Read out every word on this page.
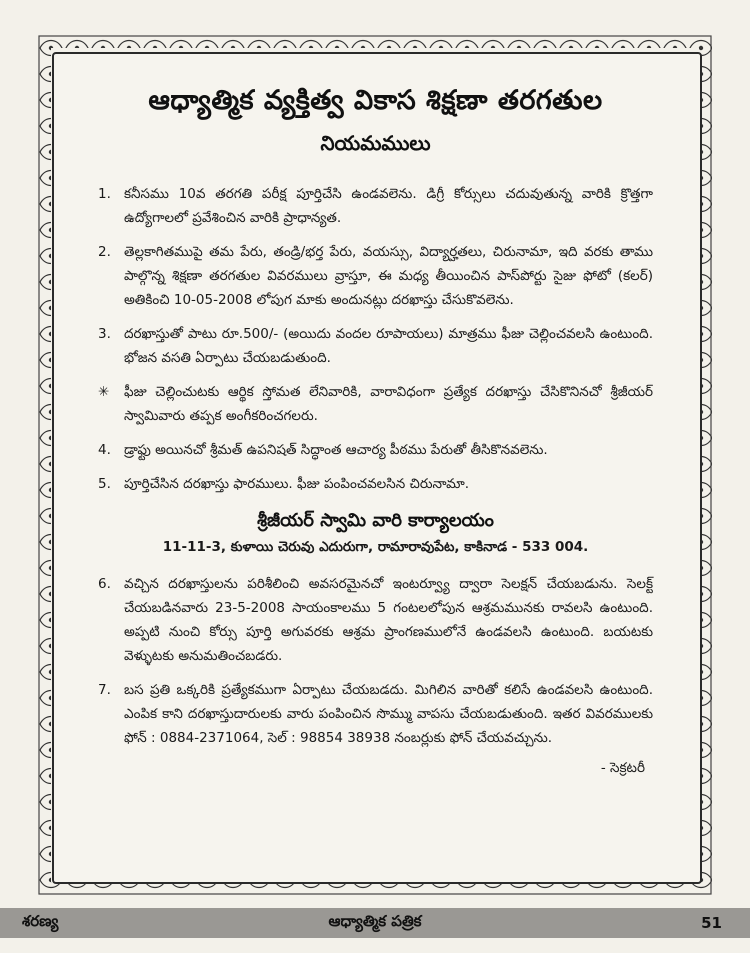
ఆధ్యాత్మిక వ్యక్తిత్వ వికాస శిక్షణా తరగతుల
నియమములు
1. కనీసము 10వ తరగతి పరీక్ష పూర్తిచేసి ఉండవలెను. డిగ్రీ కోర్సులు చదువుతున్న వారికి క్రొత్తగా ఉద్యోగాలలో ప్రవేశించిన వారికి ప్రాధాన్యత.
2. తెల్లకాగితముపై తమ పేరు, తండ్రి/భర్త పేరు, వయస్సు, విద్యార్హతలు, చిరునామా, ఇది వరకు తాము పాల్గొన్న శిక్షణా తరగతుల వివరములు వ్రాస్తూ, ఈ మధ్య తీయించిన పాస్‌పోర్టు సైజు ఫోటో (కలర్) అతికించి 10-05-2008 లోపుగ మాకు అందునట్లు దరఖాస్తు చేసుకొవలెను.
3. దరఖాస్తుతో పాటు రూ.500/- (అయిదు వందల రూపాయలు) మాత్రము ఫీజు చెల్లించవలసి ఉంటుంది. భోజన వసతి ఏర్పాటు చేయబడుతుంది.
✳	ఫీజు చెల్లించుటకు ఆర్థిక స్తోమత లేనివారికి, వారావిధంగా ప్రత్యేక దరఖాస్తు చేసికొనినచో శ్రీజీయర్ స్వామివారు తప్పక అంగీకరించగలరు.
4. డ్రాఫ్టు అయినచో శ్రీమత్ ఉపనిషత్ సిద్ధాంత ఆచార్య పీఠము పేరుతో తీసికొనవలెను.
5. పూర్తిచేసిన దరఖాస్తు ఫారములు. ఫీజు పంపించవలసిన చిరునామా.
శ్రీజీయర్ స్వామి వారి కార్యాలయం
11-11-3, కుళాయి చెరువు ఎదురుగా, రామారావుపేట, కాకినాడ - 533 004.
6. వచ్చిన దరఖాస్తులను పరిశీలించి అవసరమైనచో ఇంటర్వ్యూ ద్వారా సెలక్షన్ చేయబడును. సెలక్ట్ చేయబడినవారు 23-5-2008 సాయంకాలము 5 గంటలలోపున ఆశ్రమమునకు రావలసి ఉంటుంది. అప్పటి నుంచి కోర్సు పూర్తి అగువరకు ఆశ్రమ ప్రాంగణములోనే ఉండవలసి ఉంటుంది. బయటకు వెళ్ళుటకు అనుమతించబడరు.
7. బస ప్రతి ఒక్కరికి ప్రత్యేకముగా ఏర్పాటు చేయబడదు. మిగిలిన వారితో కలిసే ఉండవలసి ఉంటుంది. ఎంపిక కాని దరఖాస్తుదారులకు వారు పంపించిన సొమ్ము వాపసు చేయబడుతుంది. ఇతర వివరములకు ఫోన్ : 0884-2371064, సెల్ : 98854 38938 నంబర్లుకు ఫోన్ చేయవచ్చును.
- సెక్రటరీ
శరణ్య	ఆధ్యాత్మిక పత్రిక	51
